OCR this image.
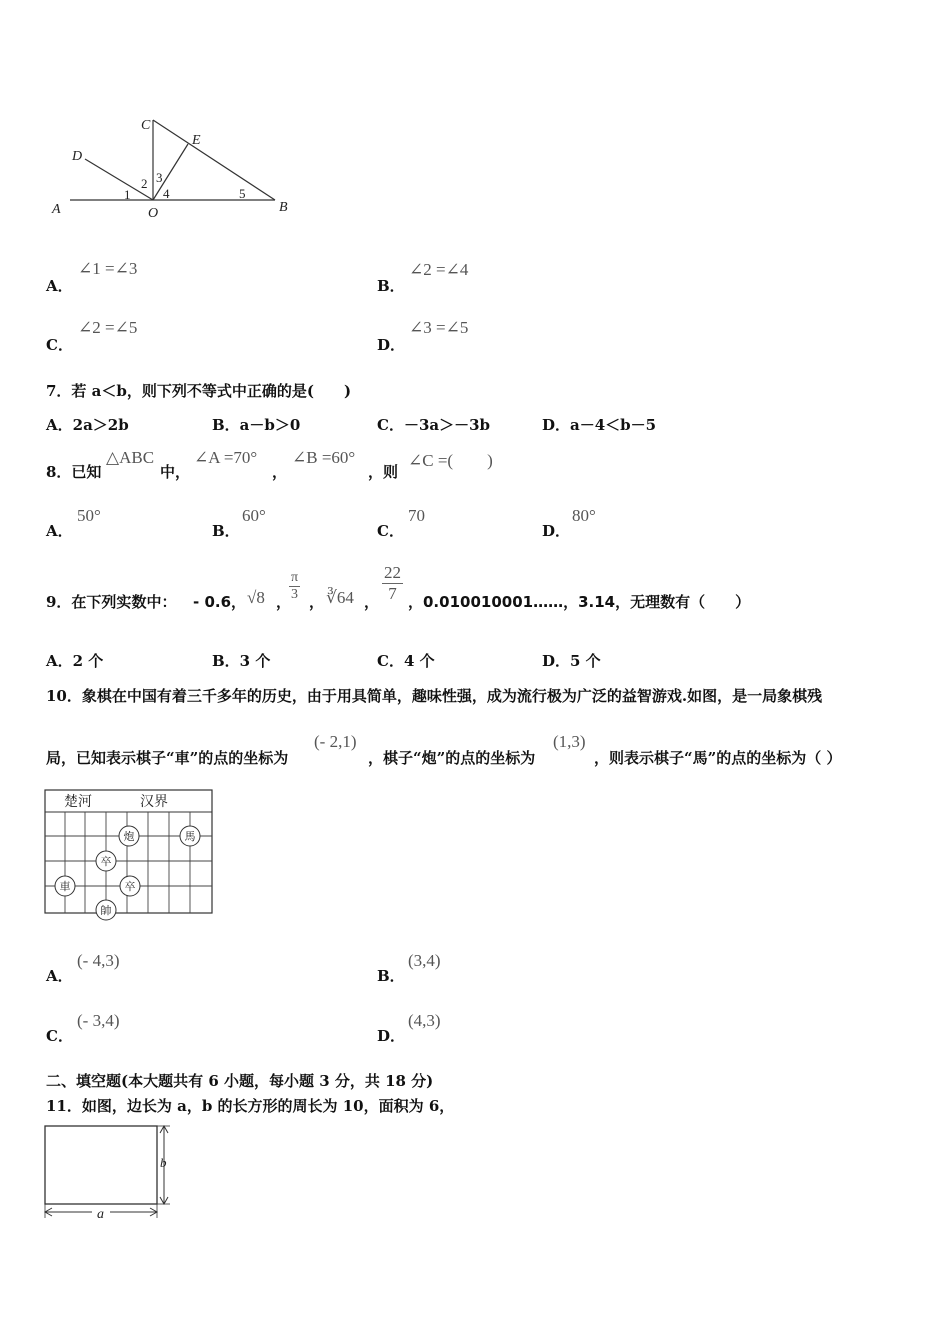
A	B
C
D
E
O
1
2 3
4	5
A．
∠1 =∠3
B．
∠2 =∠4
C．
∠2 =∠5
D．
∠3 =∠5
7．若 a＜b，则下列不等式中正确的是(　　)
A．2a＞2b	B．a－b＞0	C．－3a＞－3b	D．a－4＜b－5
8．已知
△ABC
中，
∠A =70°
，
∠B =60°
，则
∠C =(　　)
A．
50°
B．
60°
C．
70
D．
80°
9．在下列实数中： - 0.6， √8 ，
$\frac{\pi}{3}$ ， ∛64 ， $\frac{22}{7}$ ，0.010010001……，3.14，无理数有（　　）
A．2 个	B．3 个	C．4 个	D．5 个
10．象棋在中国有着三千多年的历史，由于用具简单，趣味性强，成为流行极为广泛的益智游戏.如图，是一局象棋残
局，已知表示棋子“車”的点的坐标为
(- 2,1)
，棋子“炮”的点的坐标为
(1,3)
，则表示棋子“馬”的点的坐标为（ ）
楚河	汉界
炮	馬
卒
卒
車
帥
A．
(- 4,3)
B．
(3,4)
C．
(- 3,4)
D．
(4,3)
二、填空题(本大题共有 6 小题，每小题 3 分，共 18 分)
11．如图，边长为 a，b 的长方形的周长为 10，面积为 6，
b
a
